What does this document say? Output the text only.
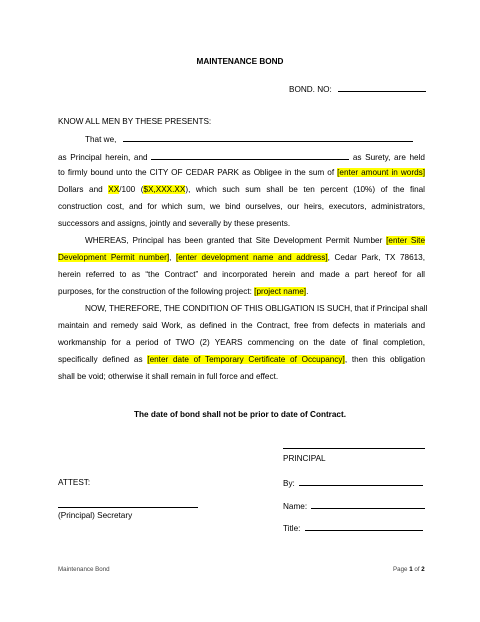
MAINTENANCE BOND
BOND. NO:
KNOW ALL MEN BY THESE PRESENTS:
That we,
as Principal herein, and	as Surety, are held
to firmly bound unto the CITY OF CEDAR PARK as Obligee in the sum of [enter amount in words]
Dollars and XX/100 ($X,XXX.XX), which such sum shall be ten percent (10%) of the final
construction cost, and for which sum, we bind ourselves, our heirs, executors, administrators,
successors and assigns, jointly and severally by these presents.
WHEREAS, Principal has been granted that Site Development Permit Number [enter Site
Development Permit number], [enter development name and address], Cedar Park, TX 78613,
herein referred to as “the Contract” and incorporated herein and made a part hereof for all
purposes, for the construction of the following project: [project name].
NOW, THEREFORE, THE CONDITION OF THIS OBLIGATION IS SUCH, that if Principal shall
maintain and remedy said Work, as defined in the Contract, free from defects in materials and
workmanship for a period of TWO (2) YEARS commencing on the date of final completion,
specifically defined as [enter date of Temporary Certificate of Occupancy], then this obligation
shall be void; otherwise it shall remain in full force and effect.
The date of bond shall not be prior to date of Contract.
PRINCIPAL
ATTEST:	By:
Name:
(Principal) Secretary
Title:
Maintenance Bond	Page 1 of 2
